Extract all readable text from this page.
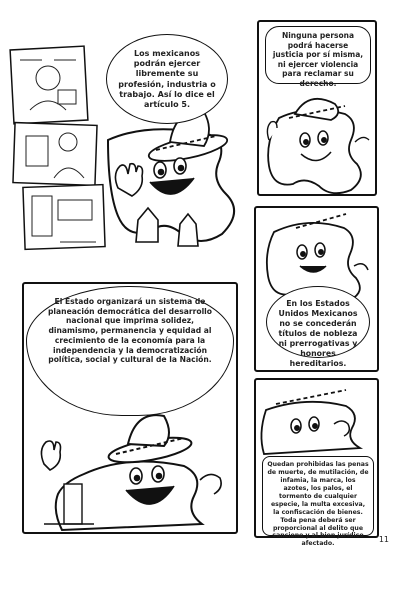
Los mexicanos podrán ejercer libremente su profesión, industria o trabajo. Así lo dice el artículo 5.
Ninguna persona podrá hacerse justicia por sí misma, ni ejercer violencia para reclamar su derecho.
El Estado organizará un sistema de planeación democrática del desarrollo nacional que imprima solidez, dinamismo, permanencia y equidad al crecimiento de la economía para la independencia y la democratización política, social y cultural de la Nación.
En los Estados Unidos Mexicanos no se concederán títulos de nobleza ni prerrogativas y honores hereditarios.
Quedan prohibidas las penas de muerte, de mutilación, de infamia, la marca, los azotes, los palos, el tormento de cualquier especie, la multa excesiva, la confiscación de bienes. Toda pena deberá ser proporcional al delito que sancione y al bien jurídico afectado.	11
